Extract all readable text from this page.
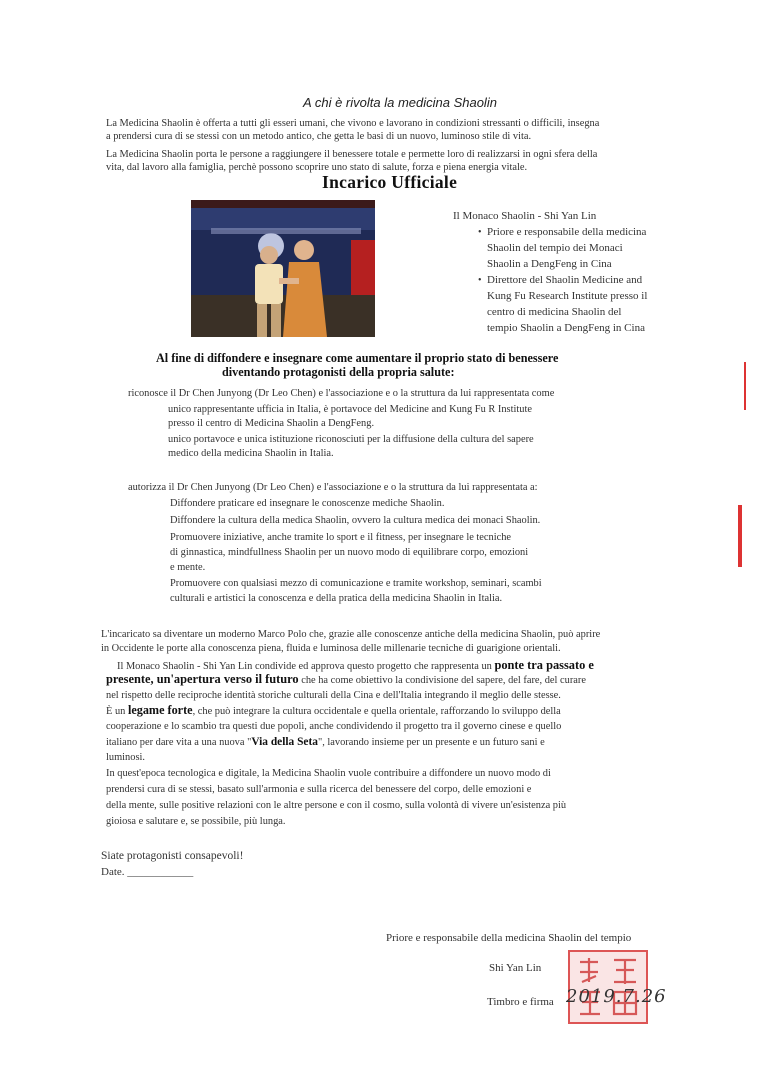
A chi è rivolta la medicina Shaolin
La Medicina Shaolin è offerta a tutti gli esseri umani, che vivono e lavorano in condizioni stressanti o difficili, insegna
a prendersi cura di se stessi con un metodo antico, che getta le basi di un nuovo, luminoso stile di vita.
La Medicina Shaolin porta le persone a raggiungere il benessere totale e permette loro di realizzarsi in ogni sfera della
vita, dal lavoro alla famiglia, perchè possono scoprire uno stato di salute, forza e piena energia vitale.
Incarico Ufficiale
Il Monaco Shaolin - Shi Yan Lin
• Priore e responsabile della medicina
Shaolin del tempio dei Monaci
Shaolin a DengFeng in Cina
• Direttore del Shaolin Medicine and
Kung Fu Research Institute presso il
centro di medicina Shaolin del
tempio Shaolin a DengFeng in Cina
Al fine di diffondere e insegnare come aumentare il proprio stato di benessere
diventando protagonisti della propria salute:
riconosce il Dr Chen Junyong (Dr Leo Chen) e l'associazione e o la struttura da lui rappresentata come
unico rappresentante ufficia in Italia, è portavoce del Medicine and Kung Fu R Institute
presso il centro di Medicina Shaolin a DengFeng.
unico portavoce e unica istituzione riconosciuti per la diffusione della cultura del sapere
medico della medicina Shaolin in Italia.
autorizza il Dr Chen Junyong (Dr Leo Chen) e l'associazione e o la struttura da lui rappresentata a:
Diffondere praticare ed insegnare le conoscenze mediche Shaolin.
Diffondere la cultura della medica Shaolin, ovvero la cultura medica dei monaci Shaolin.
Promuovere iniziative, anche tramite lo sport e il fitness, per insegnare le tecniche
di ginnastica, mindfullness Shaolin per un nuovo modo di equilibrare corpo, emozioni
e mente.
Promuovere con qualsiasi mezzo di comunicazione e tramite workshop, seminari, scambi
culturali e artistici la conoscenza e della pratica della medicina Shaolin in Italia.
L'incaricato sa diventare un moderno Marco Polo che, grazie alle conoscenze antiche della medicina Shaolin, può aprire
in Occidente le porte alla conoscenza piena, fluida e luminosa delle millenarie tecniche di guarigione orientali.
Il Monaco Shaolin - Shi Yan Lin condivide ed approva questo progetto che rappresenta un ponte tra passato e
presente, un'apertura verso il futuro che ha come obiettivo la condivisione del sapere, del fare, del curare
nel rispetto delle reciproche identità storiche culturali della Cina e dell'Italia integrando il meglio delle stesse.
È un legame forte, che può integrare la cultura occidentale e quella orientale, rafforzando lo sviluppo della
cooperazione e lo scambio tra questi due popoli, anche condividendo il progetto tra il governo cinese e quello
italiano per dare vita a una nuova "Via della Seta", lavorando insieme per un presente e un futuro sani e
luminosi.
In quest'epoca tecnologica e digitale, la Medicina Shaolin vuole contribuire a diffondere un nuovo modo di
prendersi cura di se stessi, basato sull'armonia e sulla ricerca del benessere del corpo, delle emozioni e
della mente, sulle positive relazioni con le altre persone e con il cosmo, sulla volontà di vivere un'esistenza più
gioiosa e salutare e, se possibile, più lunga.
Siate protagonisti consapevoli!
Date. ____________
Priore e responsabile della medicina Shaolin del tempio
Shi Yan Lin
Timbro e firma 2019.7.26
